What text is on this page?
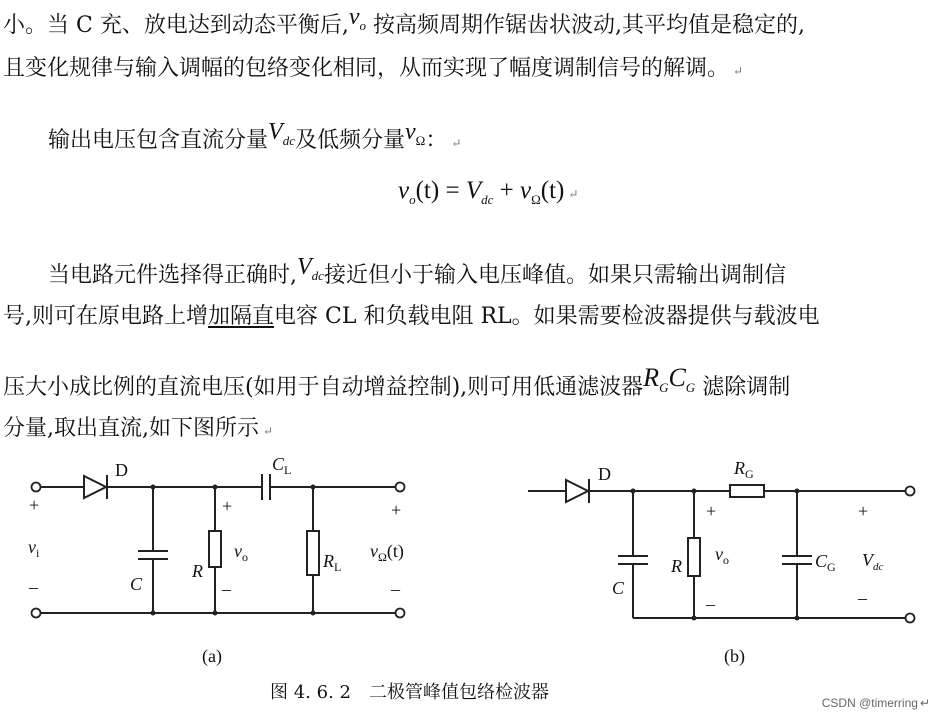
小。当 C 充、放电达到动态平衡后$,v_o$ 按高频周期作锯齿状波动,其平均值是稳定的,
且变化规律与输入调幅的包络变化相同，从而实现了幅度调制信号的解调。 ↵
输出电压包含直流分量$V_{dc}$及低频分量$v_\Omega$： ↵
$v_o(t) = V_{dc} + v_\Omega(t)$ ↵
当电路元件选择得正确时$,V_{dc}$接近但小于输入电压峰值。如果只需输出调制信
号,则可在原电路上增加隔直电容 CL 和负载电阻 RL。如果需要检波器提供与载波电
压大小成比例的直流电压(如用于自动增益控制),则可用低通滤波器$R_GC_G$ 滤除调制
分量,取出直流,如下图所示 ↵
D	$C_L$
+
–
$v_i$
C
R
+
–
$v_o$	$R_L$
+
–
$v_\Omega(t)$
(a)
D	$R_G$
C
R
+
–
$v_o$	$C_G$
+
–
$V_{dc}$
(b)
图 4. 6. 2　二极管峰值包络检波器	CSDN @timerring ↵
